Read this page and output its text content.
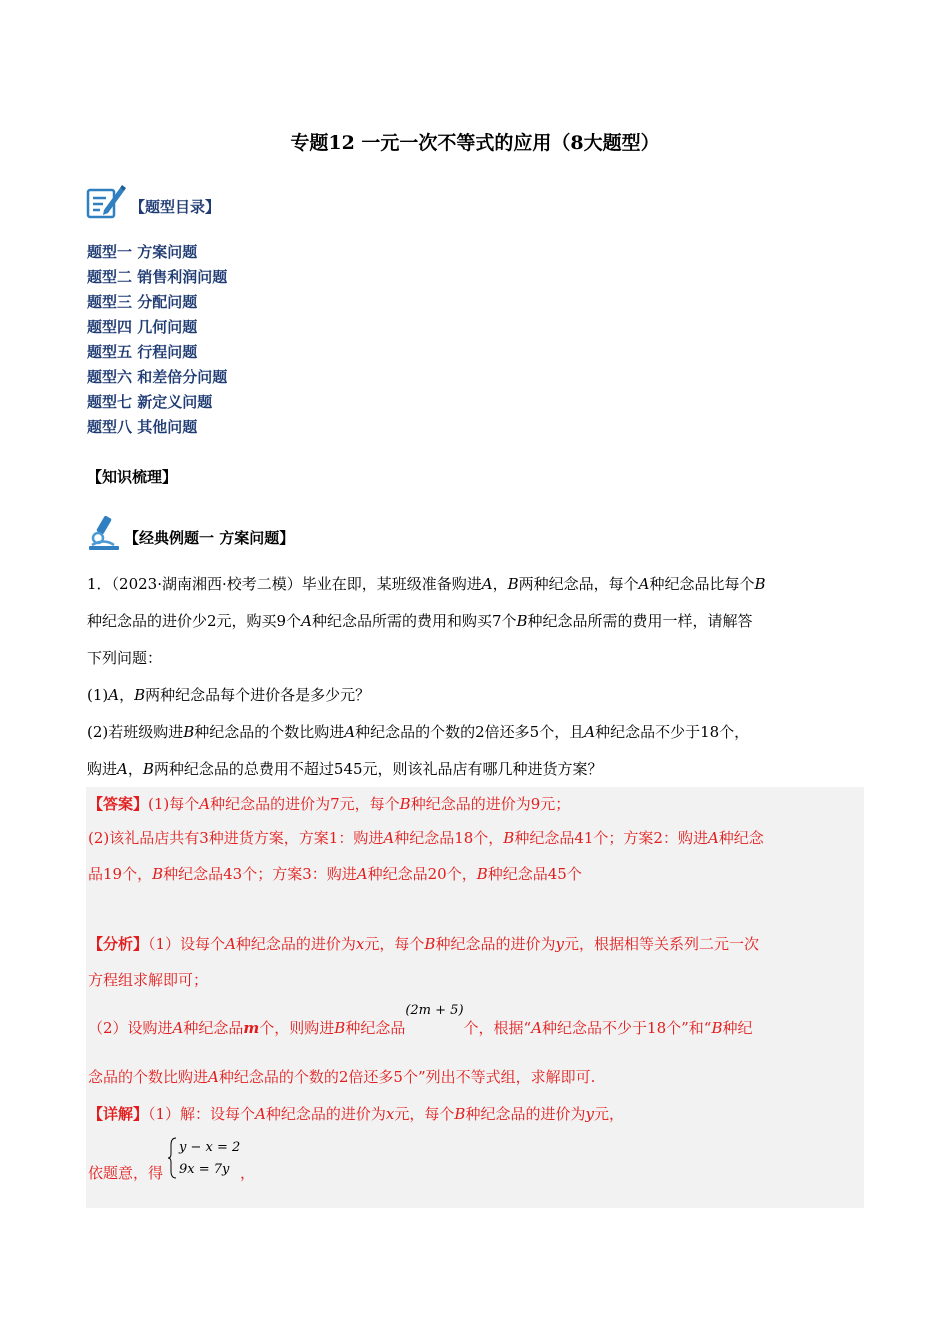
专题12 一元一次不等式的应用（8大题型）
【题型目录】
题型一 方案问题
题型二 销售利润问题
题型三 分配问题
题型四 几何问题
题型五 行程问题
题型六 和差倍分问题
题型七 新定义问题
题型八 其他问题
【知识梳理】
【经典例题一 方案问题】
1．（2023·湖南湘西·校考二模）毕业在即，某班级准备购进A，B两种纪念品，每个A种纪念品比每个B
种纪念品的进价少2元，购买9个A种纪念品所需的费用和购买7个B种纪念品所需的费用一样，请解答
下列问题：
(1)A，B两种纪念品每个进价各是多少元？
(2)若班级购进B种纪念品的个数比购进A种纪念品的个数的2倍还多5个，且A种纪念品不少于18个，
购进A，B两种纪念品的总费用不超过545元，则该礼品店有哪几种进货方案？
【答案】(1)每个A种纪念品的进价为7元，每个B种纪念品的进价为9元；
(2)该礼品店共有3种进货方案，方案1：购进A种纪念品18个，B种纪念品41个；方案2：购进A种纪念
品19个，B种纪念品43个；方案3：购进A种纪念品20个，B种纪念品45个
【分析】（1）设每个A种纪念品的进价为x元，每个B种纪念品的进价为y元，根据相等关系列二元一次
方程组求解即可；
（2）设购进A种纪念品m个，则购进B种纪念品(2m + 5)个，根据“A种纪念品不少于18个”和“B种纪
念品的个数比购进A种纪念品的个数的2倍还多5个”列出不等式组，求解即可.
【详解】（1）解：设每个A种纪念品的进价为x元，每个B种纪念品的进价为y元，
依题意，得
y − x = 2
9x = 7y ，
